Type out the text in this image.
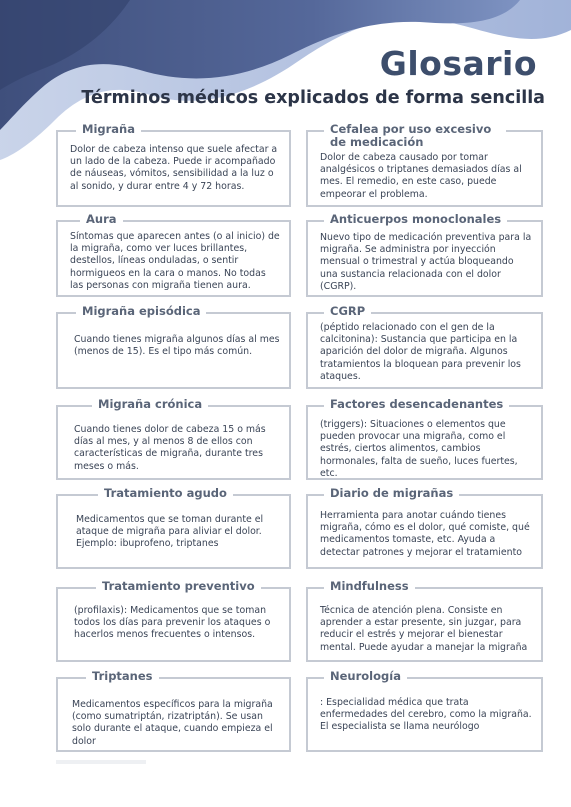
Glosario
Términos médicos explicados de forma sencilla
Migraña
Dolor de cabeza intenso que suele afectar a un lado de la cabeza. Puede ir acompañado de náuseas, vómitos, sensibilidad a la luz o al sonido, y durar entre 4 y 72 horas.
Cefalea por uso excesivo de medicación
Dolor de cabeza causado por tomar analgésicos o triptanes demasiados días al mes. El remedio, en este caso, puede empeorar el problema.
Aura
Síntomas que aparecen antes (o al inicio) de la migraña, como ver luces brillantes, destellos, líneas onduladas, o sentir hormigueos en la cara o manos. No todas las personas con migraña tienen aura.
Anticuerpos monoclonales
Nuevo tipo de medicación preventiva para la migraña. Se administra por inyección mensual o trimestral y actúa bloqueando una sustancia relacionada con el dolor (CGRP).
Migraña episódica
Cuando tienes migraña algunos días al mes (menos de 15). Es el tipo más común.
CGRP
(péptido relacionado con el gen de la calcitonina): Sustancia que participa en la aparición del dolor de migraña. Algunos tratamientos la bloquean para prevenir los ataques.
Migraña crónica
Cuando tienes dolor de cabeza 15 o más días al mes, y al menos 8 de ellos con características de migraña, durante tres meses o más.
Factores desencadenantes
(triggers): Situaciones o elementos que pueden provocar una migraña, como el estrés, ciertos alimentos, cambios hormonales, falta de sueño, luces fuertes, etc.
Tratamiento agudo
Medicamentos que se toman durante el ataque de migraña para aliviar el dolor. Ejemplo: ibuprofeno, triptanes
Diario de migrañas
Herramienta para anotar cuándo tienes migraña, cómo es el dolor, qué comiste, qué medicamentos tomaste, etc. Ayuda a detectar patrones y mejorar el tratamiento
Tratamiento preventivo
(profilaxis): Medicamentos que se toman todos los días para prevenir los ataques o hacerlos menos frecuentes o intensos.
Mindfulness
Técnica de atención plena. Consiste en aprender a estar presente, sin juzgar, para reducir el estrés y mejorar el bienestar mental. Puede ayudar a manejar la migraña
Triptanes
Medicamentos específicos para la migraña (como sumatriptán, rizatriptán). Se usan solo durante el ataque, cuando empieza el dolor
Neurología
: Especialidad médica que trata enfermedades del cerebro, como la migraña. El especialista se llama neurólogo
